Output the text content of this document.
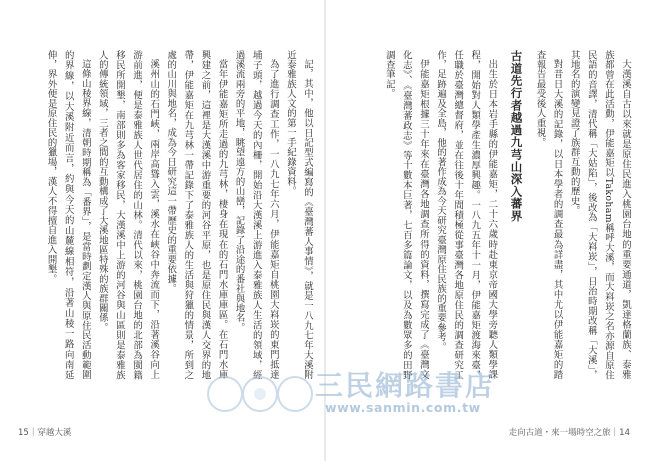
記，其中，他以日記型式編寫的《臺灣蕃人事情》，就是一八九七年大溪附近泰雅族人文的第一手紀錄資料。

為了進行調查工作，一八九七年六月，伊能嘉矩自桃園大嵙崁的東門抵達埔子頭，越過今天的內柵，開始沿大漢溪上游進入泰雅族人生活的領域，經過溪流兩旁的平地，眺望遠方的山巒，記錄了沿途的番社與地名。

當年伊能嘉矩所走過的九芎林，棲身在現在的石門水庫庫區。在石門水庫興建之前，這裡是大漢溪中游重要的河谷平原，也是原住民與漢人交界的地帶，伊能嘉矩在九芎林一帶記錄下了泰雅族人的生活與狩獵的情景，所到之處的山川與地名，成為今日研究這一帶歷史的重要依據。

溪州山的石門峽，兩岸高聳入雲，溪水在峽谷中奔流而下，沿著溪谷向上游前進，便是泰雅族人世代居住的山林。清代以來，桃園台地的北部為閩籍移民所開墾，南部則多為客家移民，大漢溪中上游的河谷與山區則是泰雅族人的傳統領域，三者之間的互動構成了大溪地區特殊的族群關係。

這條山稜界線，清朝時期稱為「番界」，是當時劃定漢人與原住民活動範圍的界線，以大溪附近而言，約與今天的山麓線相符，沿著山稜一路向南延伸，界外便是原住民的獵場，漢人不得擅自進入開墾。	大漢溪自古以來就是原住民進入桃園台地的重要通道，凱達格蘭族、泰雅族都曾在此活動，伊能嘉矩以Takoham稱呼大溪，而大嵙崁之名亦源自原住民語的音譯，清代稱「大姑陷」，後改為「大嵙崁」，日治時期改稱「大溪」，其地名的演變見證了族群互動的歷史。

對昔日大溪的記錄，以日本學者的調查最為詳盡，其中尤以伊能嘉矩的踏查報告最受後人重視。

古道先行者越過九芎山深入蕃界

出生於日本岩手縣的伊能嘉矩，二十六歲時赴東京帝國大學旁聽人類學課程，開始對人類學產生濃厚興趣。一八九五年十一月，伊能嘉矩渡海來臺，任職於臺灣總督府，並在往後十年間積極從事臺灣各地原住民的調查研究工作，足跡遍及全島，他的著作成為今天研究臺灣原住民族的重要參考。

伊能嘉矩根據三十年來在臺灣各地調查所得的資料，撰寫完成了《臺灣文化志》、《臺灣蕃政志》等十數本巨著，七百多篇論文，以及為數眾多的田野調查筆記。

15｜穿越大溪	走向古道・來一場時空之旅｜14
三民網路書店
www.sanmin.com.tw
